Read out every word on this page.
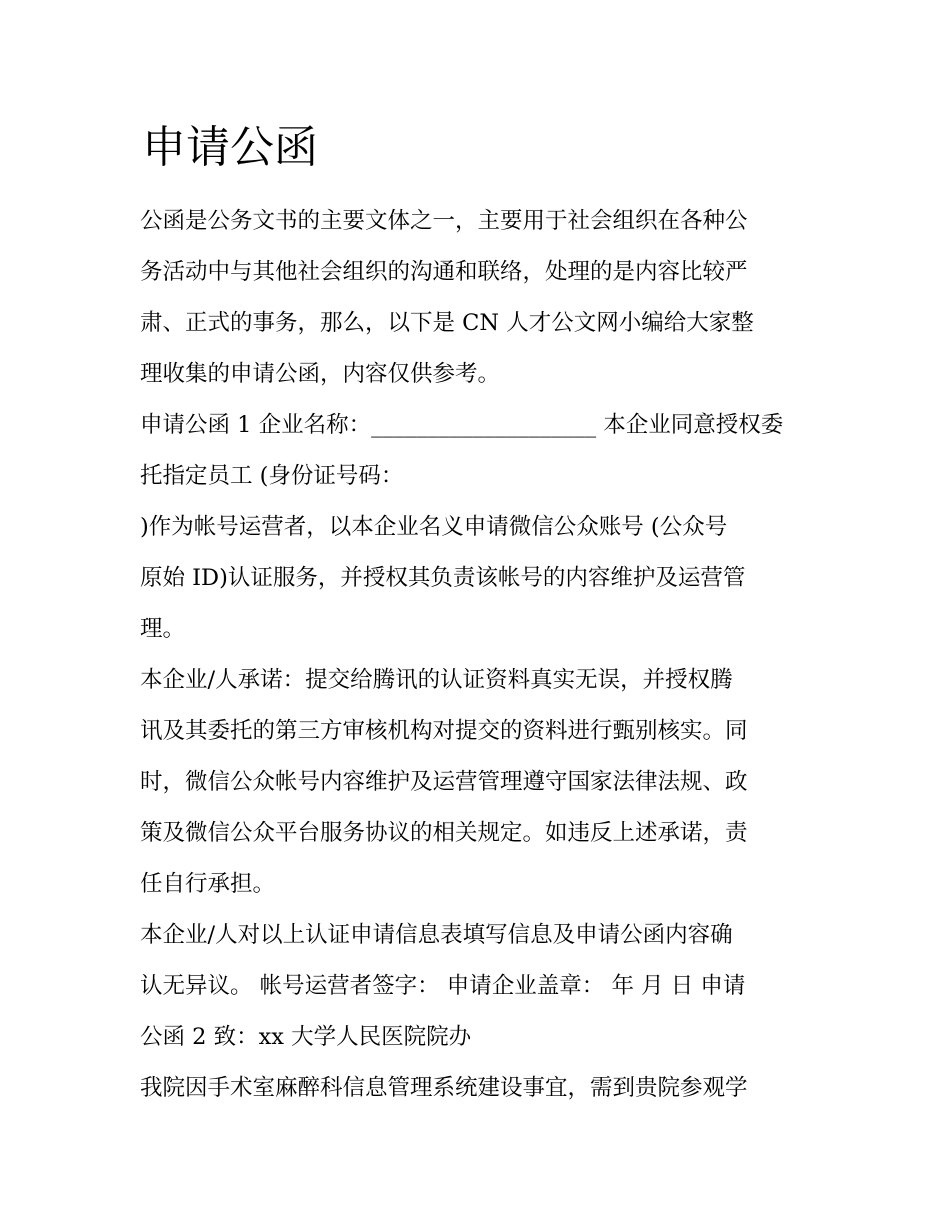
申请公函

公函是公务文书的主要文体之一，主要用于社会组织在各种公

务活动中与其他社会组织的沟通和联络，处理的是内容比较严

肃、正式的事务，那么，以下是 CN 人才公文网小编给大家整

理收集的申请公函，内容仅供参考。

申请公函 1 企业名称：____________________ 本企业同意授权委

托指定员工 (身份证号码：

)作为帐号运营者，以本企业名义申请微信公众账号 (公众号

原始 ID)认证服务，并授权其负责该帐号的内容维护及运营管

理。

本企业/人承诺：提交给腾讯的认证资料真实无误，并授权腾

讯及其委托的第三方审核机构对提交的资料进行甄别核实。同

时，微信公众帐号内容维护及运营管理遵守国家法律法规、政

策及微信公众平台服务协议的相关规定。如违反上述承诺，责

任自行承担。

本企业/人对以上认证申请信息表填写信息及申请公函内容确

认无异议。 帐号运营者签字： 申请企业盖章： 年 月 日 申请

公函 2 致：xx 大学人民医院院办

我院因手术室麻醉科信息管理系统建设事宜，需到贵院参观学
